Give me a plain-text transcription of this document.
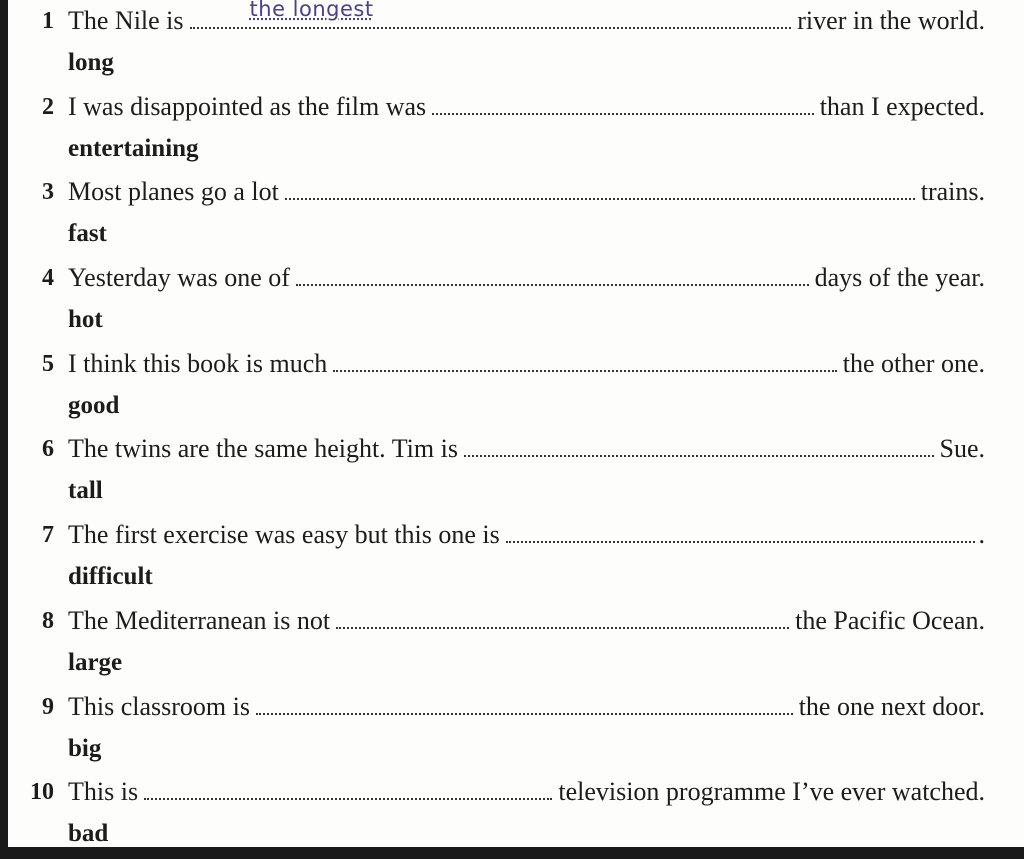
1 The Nile is	the longest	river in the world.
long
2 I was disappointed as the film was	than I expected.
entertaining
3 Most planes go a lot	trains.
fast
4 Yesterday was one of	days of the year.
hot
5 I think this book is much	the other one.
good
6 The twins are the same height. Tim is	Sue.
tall
7 The first exercise was easy but this one is	.
difficult
8 The Mediterranean is not	the Pacific Ocean.
large
9 This classroom is	the one next door.
big
10 This is	television programme I’ve ever watched.
bad
